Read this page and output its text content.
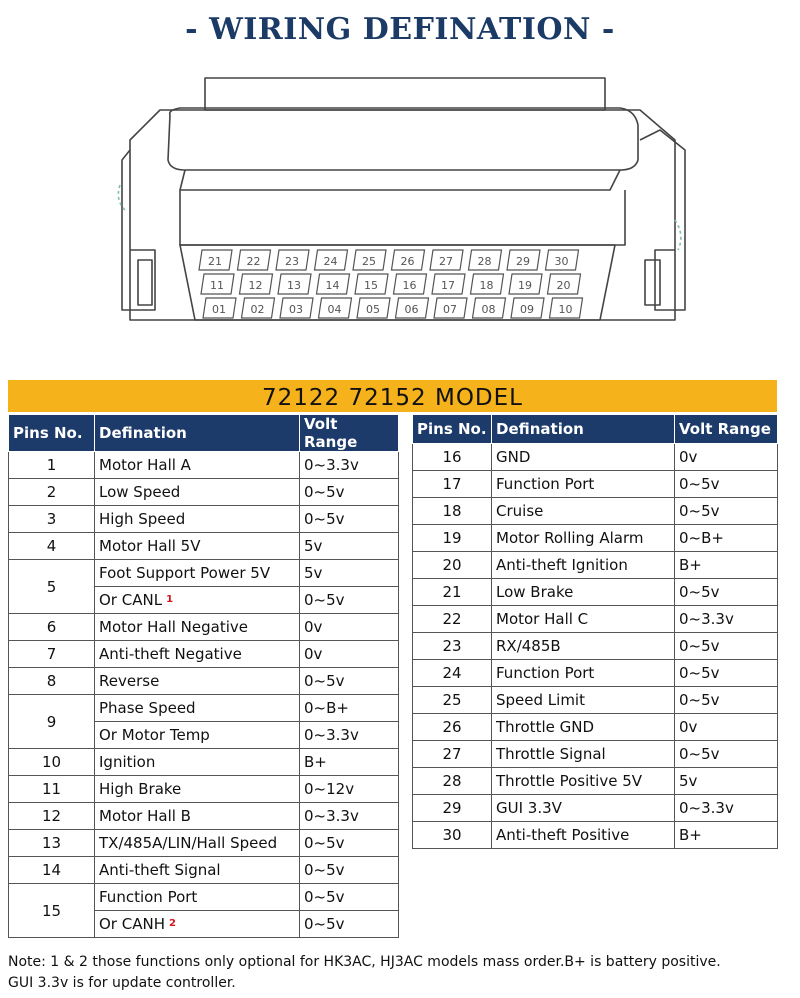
- WIRING DEFINATION -
21 22 23 24 25 26 27 28 29 30
11 12 13 14 15 16 17 18 19 20
01 02 03 04 05 06 07 08 09 10
72122 72152 MODEL
Pins No.	Defination	Volt Range
1	Motor Hall A	0~3.3v
2	Low Speed	0~5v
3	High Speed	0~5v
4	Motor Hall 5V	5v
5	Foot Support Power 5V	5v
	Or CANL $^1$	0~5v
6	Motor Hall Negative	0v
7	Anti-theft Negative	0v
8	Reverse	0~5v
9	Phase Speed	0~B+
	Or Motor Temp	0~3.3v
10	Ignition	B+
11	High Brake	0~12v
12	Motor Hall B	0~3.3v
13	TX/485A/LIN/Hall Speed	0~5v
14	Anti-theft Signal	0~5v
15	Function Port	0~5v
	Or CANH $^2$	0~5v
Pins No.	Defination	Volt Range
16	GND	0v
17	Function Port	0~5v
18	Cruise	0~5v
19	Motor Rolling Alarm	0~B+
20	Anti-theft Ignition	B+

21	Low Brake	0~5v
22	Motor Hall C	0~3.3v
23	RX/485B	0~5v
24	Function Port	0~5v

25	Speed Limit	0~5v
26	Throttle GND	0v
27	Throttle Signal	0~5v
28	Throttle Positive 5V	5v
29	GUI 3.3V	0~3.3v
30	Anti-theft Positive	B+

Note: 1 & 2 those functions only optional for HK3AC, HJ3AC models mass order.B+ is battery positive.
GUI 3.3v is for update controller.
